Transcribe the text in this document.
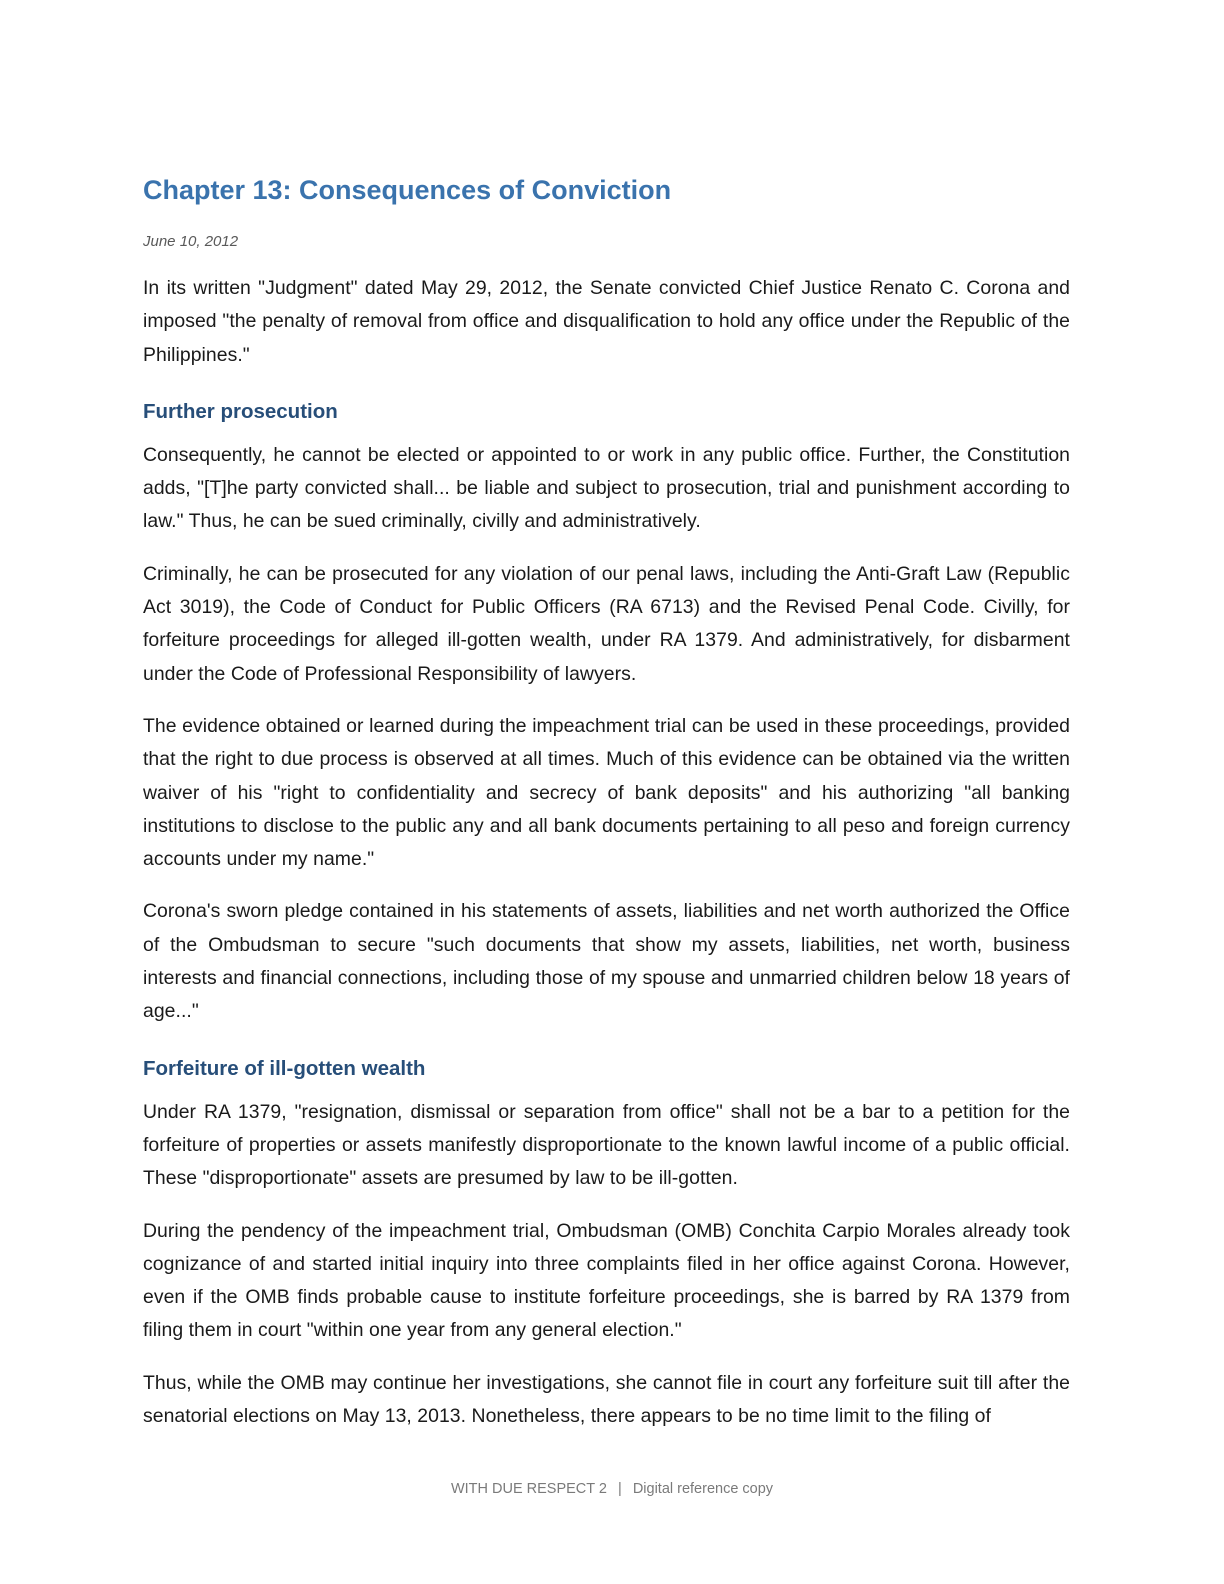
Chapter 13: Consequences of Conviction
June 10, 2012

In its written "Judgment" dated May 29, 2012, the Senate convicted Chief Justice Renato C. Corona and imposed "the penalty of removal from office and disqualification to hold any office under the Republic of the Philippines."

Further prosecution

Consequently, he cannot be elected or appointed to or work in any public office. Further, the Constitution adds, "[T]he party convicted shall... be liable and subject to prosecution, trial and punishment according to law." Thus, he can be sued criminally, civilly and administratively.

Criminally, he can be prosecuted for any violation of our penal laws, including the Anti-Graft Law (Republic Act 3019), the Code of Conduct for Public Officers (RA 6713) and the Revised Penal Code. Civilly, for forfeiture proceedings for alleged ill-gotten wealth, under RA 1379. And administratively, for disbarment under the Code of Professional Responsibility of lawyers.

The evidence obtained or learned during the impeachment trial can be used in these proceedings, provided that the right to due process is observed at all times. Much of this evidence can be obtained via the written waiver of his "right to confidentiality and secrecy of bank deposits" and his authorizing "all banking institutions to disclose to the public any and all bank documents pertaining to all peso and foreign currency accounts under my name."

Corona's sworn pledge contained in his statements of assets, liabilities and net worth authorized the Office of the Ombudsman to secure "such documents that show my assets, liabilities, net worth, business interests and financial connections, including those of my spouse and unmarried children below 18 years of age..."

Forfeiture of ill-gotten wealth

Under RA 1379, "resignation, dismissal or separation from office" shall not be a bar to a petition for the forfeiture of properties or assets manifestly disproportionate to the known lawful income of a public official. These "disproportionate" assets are presumed by law to be ill-gotten.

During the pendency of the impeachment trial, Ombudsman (OMB) Conchita Carpio Morales already took cognizance of and started initial inquiry into three complaints filed in her office against Corona. However, even if the OMB finds probable cause to institute forfeiture proceedings, she is barred by RA 1379 from filing them in court "within one year from any general election."

Thus, while the OMB may continue her investigations, she cannot file in court any forfeiture suit till after the senatorial elections on May 13, 2013. Nonetheless, there appears to be no time limit to the filing of

WITH DUE RESPECT 2 | Digital reference copy
